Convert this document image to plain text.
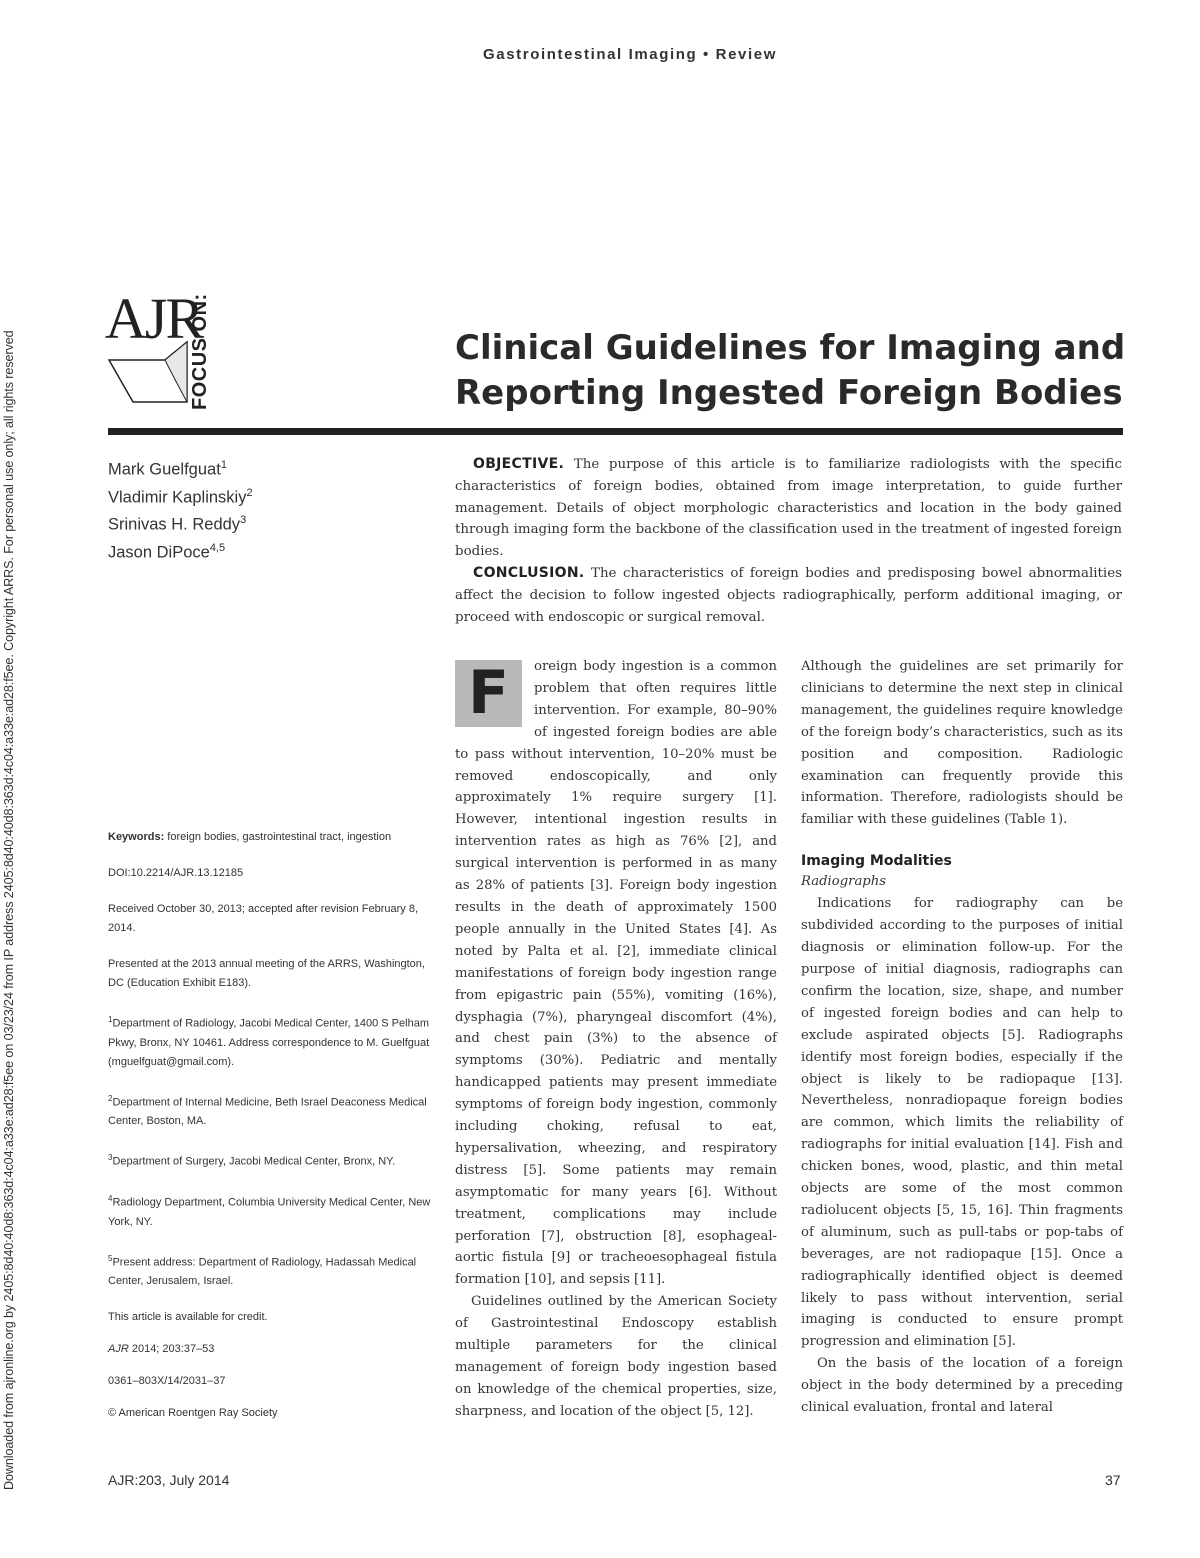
Downloaded from ajronline.org by 2405:8d40:40d8:363d:4c04:a33e:ad28:f5ee on 03/23/24 from IP address 2405:8d40:40d8:363d:4c04:a33e:ad28:f5ee. Copyright ARRS. For personal use only; all rights reserved
Gastrointestinal Imaging • Review
AJR
FOCUS ON:	Clinical Guidelines for Imaging and Reporting Ingested Foreign Bodies
Mark Guelfguat$^1$
Vladimir Kaplinskiy$^2$
Srinivas H. Reddy$^3$
Jason DiPoce$^{4,5}$

OBJECTIVE. The purpose of this article is to familiarize radiologists with the specific characteristics of foreign bodies, obtained from image interpretation, to guide further management. Details of object morphologic characteristics and location in the body gained through imaging form the backbone of the classification used in the treatment of ingested foreign bodies.

CONCLUSION. The characteristics of foreign bodies and predisposing bowel abnormalities affect the decision to follow ingested objects radiographically, perform additional imaging, or proceed with endoscopic or surgical removal.

Keywords: foreign bodies, gastrointestinal tract, ingestion

DOI:10.2214/AJR.13.12185

Received October 30, 2013; accepted after revision February 8, 2014.

Presented at the 2013 annual meeting of the ARRS, Washington, DC (Education Exhibit E183).

$^1$Department of Radiology, Jacobi Medical Center, 1400 S Pelham Pkwy, Bronx, NY 10461. Address correspondence to M. Guelfguat (mguelfguat@gmail.com).

$^2$Department of Internal Medicine, Beth Israel Deaconess Medical Center, Boston, MA.

$^3$Department of Surgery, Jacobi Medical Center, Bronx, NY.

$^4$Radiology Department, Columbia University Medical Center, New York, NY.

$^5$Present address: Department of Radiology, Hadassah Medical Center, Jerusalem, Israel.

This article is available for credit.

AJR 2014; 203:37–53

0361–803X/14/2031–37

© American Roentgen Ray Society

F	oreign body ingestion is a common problem that often requires little intervention. For example, 80–90% of ingested foreign bodies are able to pass without intervention, 10–20% must be removed endoscopically, and only approximately 1% require surgery [1]. However, intentional ingestion results in intervention rates as high as 76% [2], and surgical intervention is performed in as many as 28% of patients [3]. Foreign body ingestion results in the death of approximately 1500 people annually in the United States [4]. As noted by Palta et al. [2], immediate clinical manifestations of foreign body ingestion range from epigastric pain (55%), vomiting (16%), dysphagia (7%), pharyngeal discomfort (4%), and chest pain (3%) to the absence of symptoms (30%). Pediatric and mentally handicapped patients may present immediate symptoms of foreign body ingestion, commonly including choking, refusal to eat, hypersalivation, wheezing, and respiratory distress [5]. Some patients may remain asymptomatic for many years [6]. Without treatment, complications may include perforation [7], obstruction [8], esophageal-aortic fistula [9] or tracheoesophageal fistula formation [10], and sepsis [11].

Guidelines outlined by the American Society of Gastrointestinal Endoscopy establish multiple parameters for the clinical management of foreign body ingestion based on knowledge of the chemical properties, size, sharpness, and location of the object [5, 12].

Although the guidelines are set primarily for clinicians to determine the next step in clinical management, the guidelines require knowledge of the foreign body’s characteristics, such as its position and composition. Radiologic examination can frequently provide this information. Therefore, radiologists should be familiar with these guidelines (Table 1).

Imaging Modalities
Radiographs

Indications for radiography can be subdivided according to the purposes of initial diagnosis or elimination follow-up. For the purpose of initial diagnosis, radiographs can confirm the location, size, shape, and number of ingested foreign bodies and can help to exclude aspirated objects [5]. Radiographs identify most foreign bodies, especially if the object is likely to be radiopaque [13]. Nevertheless, nonradiopaque foreign bodies are common, which limits the reliability of radiographs for initial evaluation [14]. Fish and chicken bones, wood, plastic, and thin metal objects are some of the most common radiolucent objects [5, 15, 16]. Thin fragments of aluminum, such as pull-tabs or pop-tabs of beverages, are not radiopaque [15]. Once a radiographically identified object is deemed likely to pass without intervention, serial imaging is conducted to ensure prompt progression and elimination [5].

On the basis of the location of a foreign object in the body determined by a preceding clinical evaluation, frontal and lateral

AJR:203, July 2014	37
